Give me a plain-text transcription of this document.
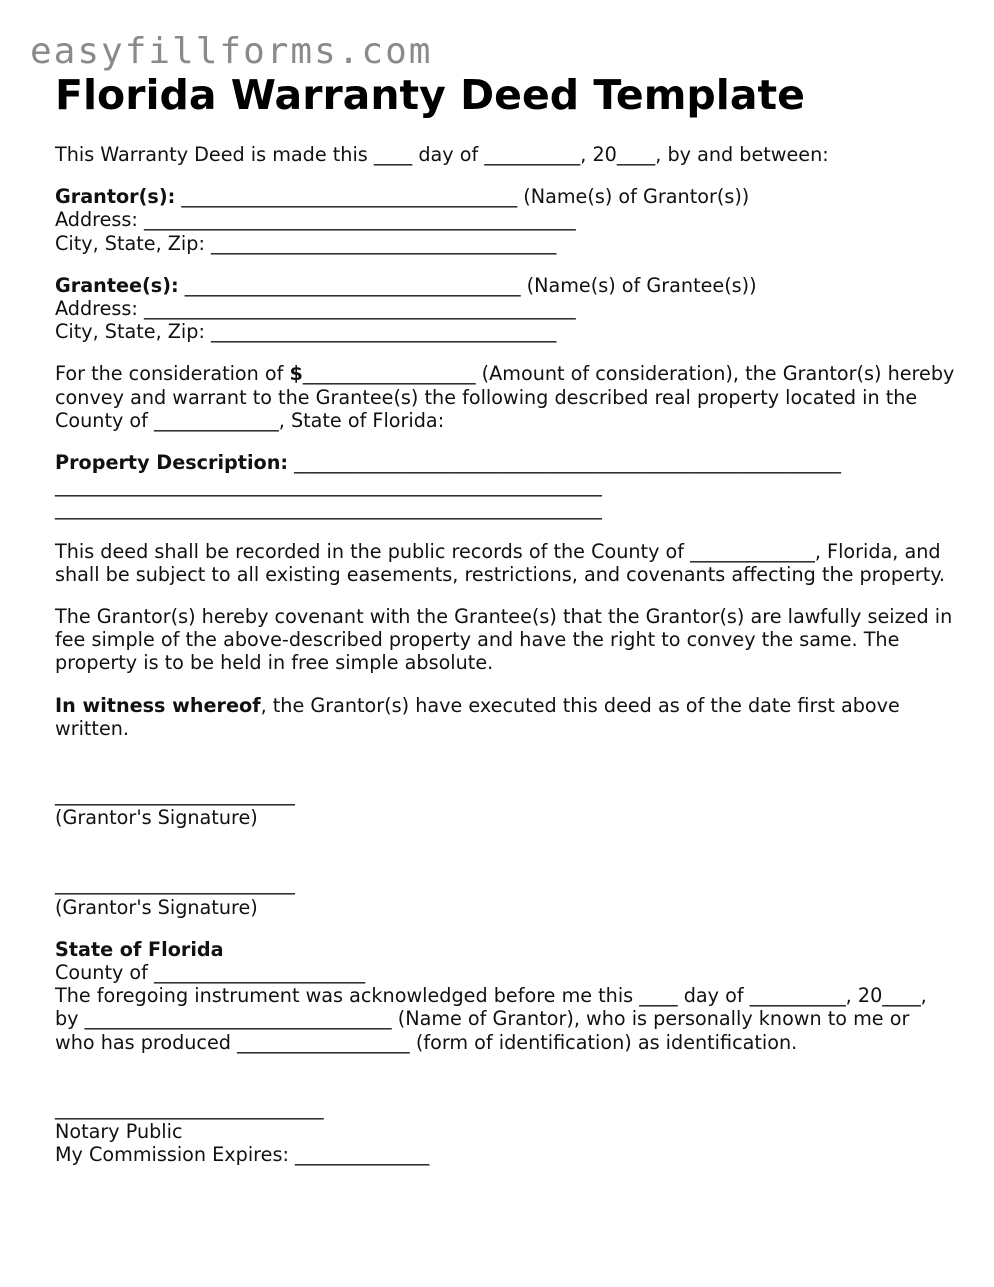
easyfillforms.com
Florida Warranty Deed Template

This Warranty Deed is made this ____ day of __________, 20____, by and between:

Grantor(s): ___________________________________ (Name(s) of Grantor(s))

Address: _____________________________________________

City, State, Zip: ____________________________________

Grantee(s): ___________________________________ (Name(s) of Grantee(s))

Address: _____________________________________________

City, State, Zip: ____________________________________

For the consideration of $__________________ (Amount of consideration), the Grantor(s) hereby convey and warrant to the Grantee(s) the following described real property located in the County of _____________, State of Florida:

Property Description: _________________________________________________________

_________________________________________________________

_________________________________________________________

This deed shall be recorded in the public records of the County of _____________, Florida, and shall be subject to all existing easements, restrictions, and covenants affecting the property.

The Grantor(s) hereby covenant with the Grantee(s) that the Grantor(s) are lawfully seized in fee simple of the above-described property and have the right to convey the same. The property is to be held in free simple absolute.

In witness whereof, the Grantor(s) have executed this deed as of the date first above written.

_________________________

(Grantor's Signature)

_________________________

(Grantor's Signature)

State of Florida

County of ______________________

The foregoing instrument was acknowledged before me this ____ day of __________, 20____, by ________________________________ (Name of Grantor), who is personally known to me or who has produced __________________ (form of identification) as identification.

____________________________

Notary Public

My Commission Expires: ______________
